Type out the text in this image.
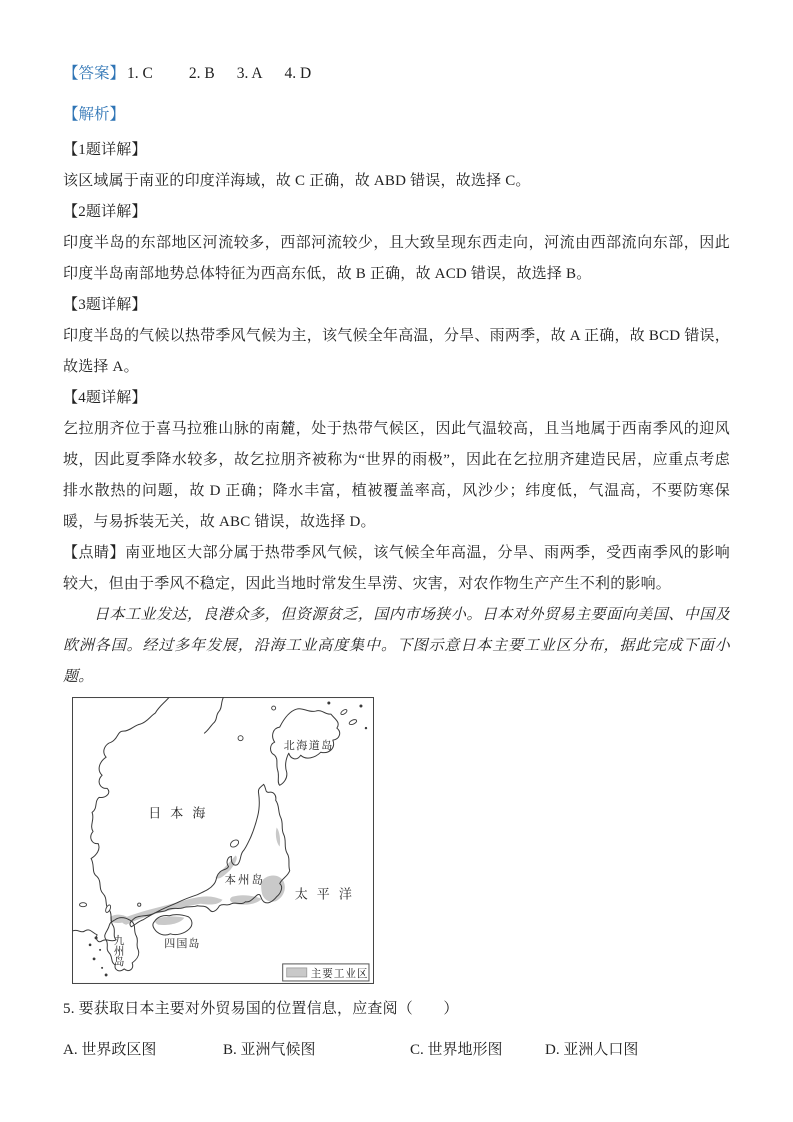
【答案】 1. C 2. B 3. A 4. D
【解析】

【1题详解】

该区域属于南亚的印度洋海域，故 C 正确，故 ABD 错误，故选择 C。

【2题详解】

印度半岛的东部地区河流较多，西部河流较少，且大致呈现东西走向，河流由西部流向东部，因此印度半岛南部地势总体特征为西高东低，故 B 正确，故 ACD 错误，故选择 B。

【3题详解】

印度半岛的气候以热带季风气候为主，该气候全年高温，分旱、雨两季，故 A 正确，故 BCD 错误，故选择 A。

【4题详解】

乞拉朋齐位于喜马拉雅山脉的南麓，处于热带气候区，因此气温较高，且当地属于西南季风的迎风坡，因此夏季降水较多，故乞拉朋齐被称为“世界的雨极”，因此在乞拉朋齐建造民居，应重点考虑排水散热的问题，故 D 正确；降水丰富，植被覆盖率高，风沙少；纬度低，气温高，不要防寒保暖，与易拆装无关，故 ABC 错误，故选择 D。

【点睛】南亚地区大部分属于热带季风气候，该气候全年高温，分旱、雨两季，受西南季风的影响较大，但由于季风不稳定，因此当地时常发生旱涝、灾害，对农作物生产产生不利的影响。

日本工业发达，良港众多，但资源贫乏，国内市场狭小。日本对外贸易主要面向美国、中国及欧洲各国。经过多年发展，沿海工业高度集中。下图示意日本主要工业区分布，据此完成下面小题。

北海道岛
日本海
本州岛
太平洋
四国岛
九州岛
主要工业区

5. 要获取日本主要对外贸易国的位置信息，应查阅（　　）

A. 世界政区图	B. 亚洲气候图	C. 世界地形图	D. 亚洲人口图
